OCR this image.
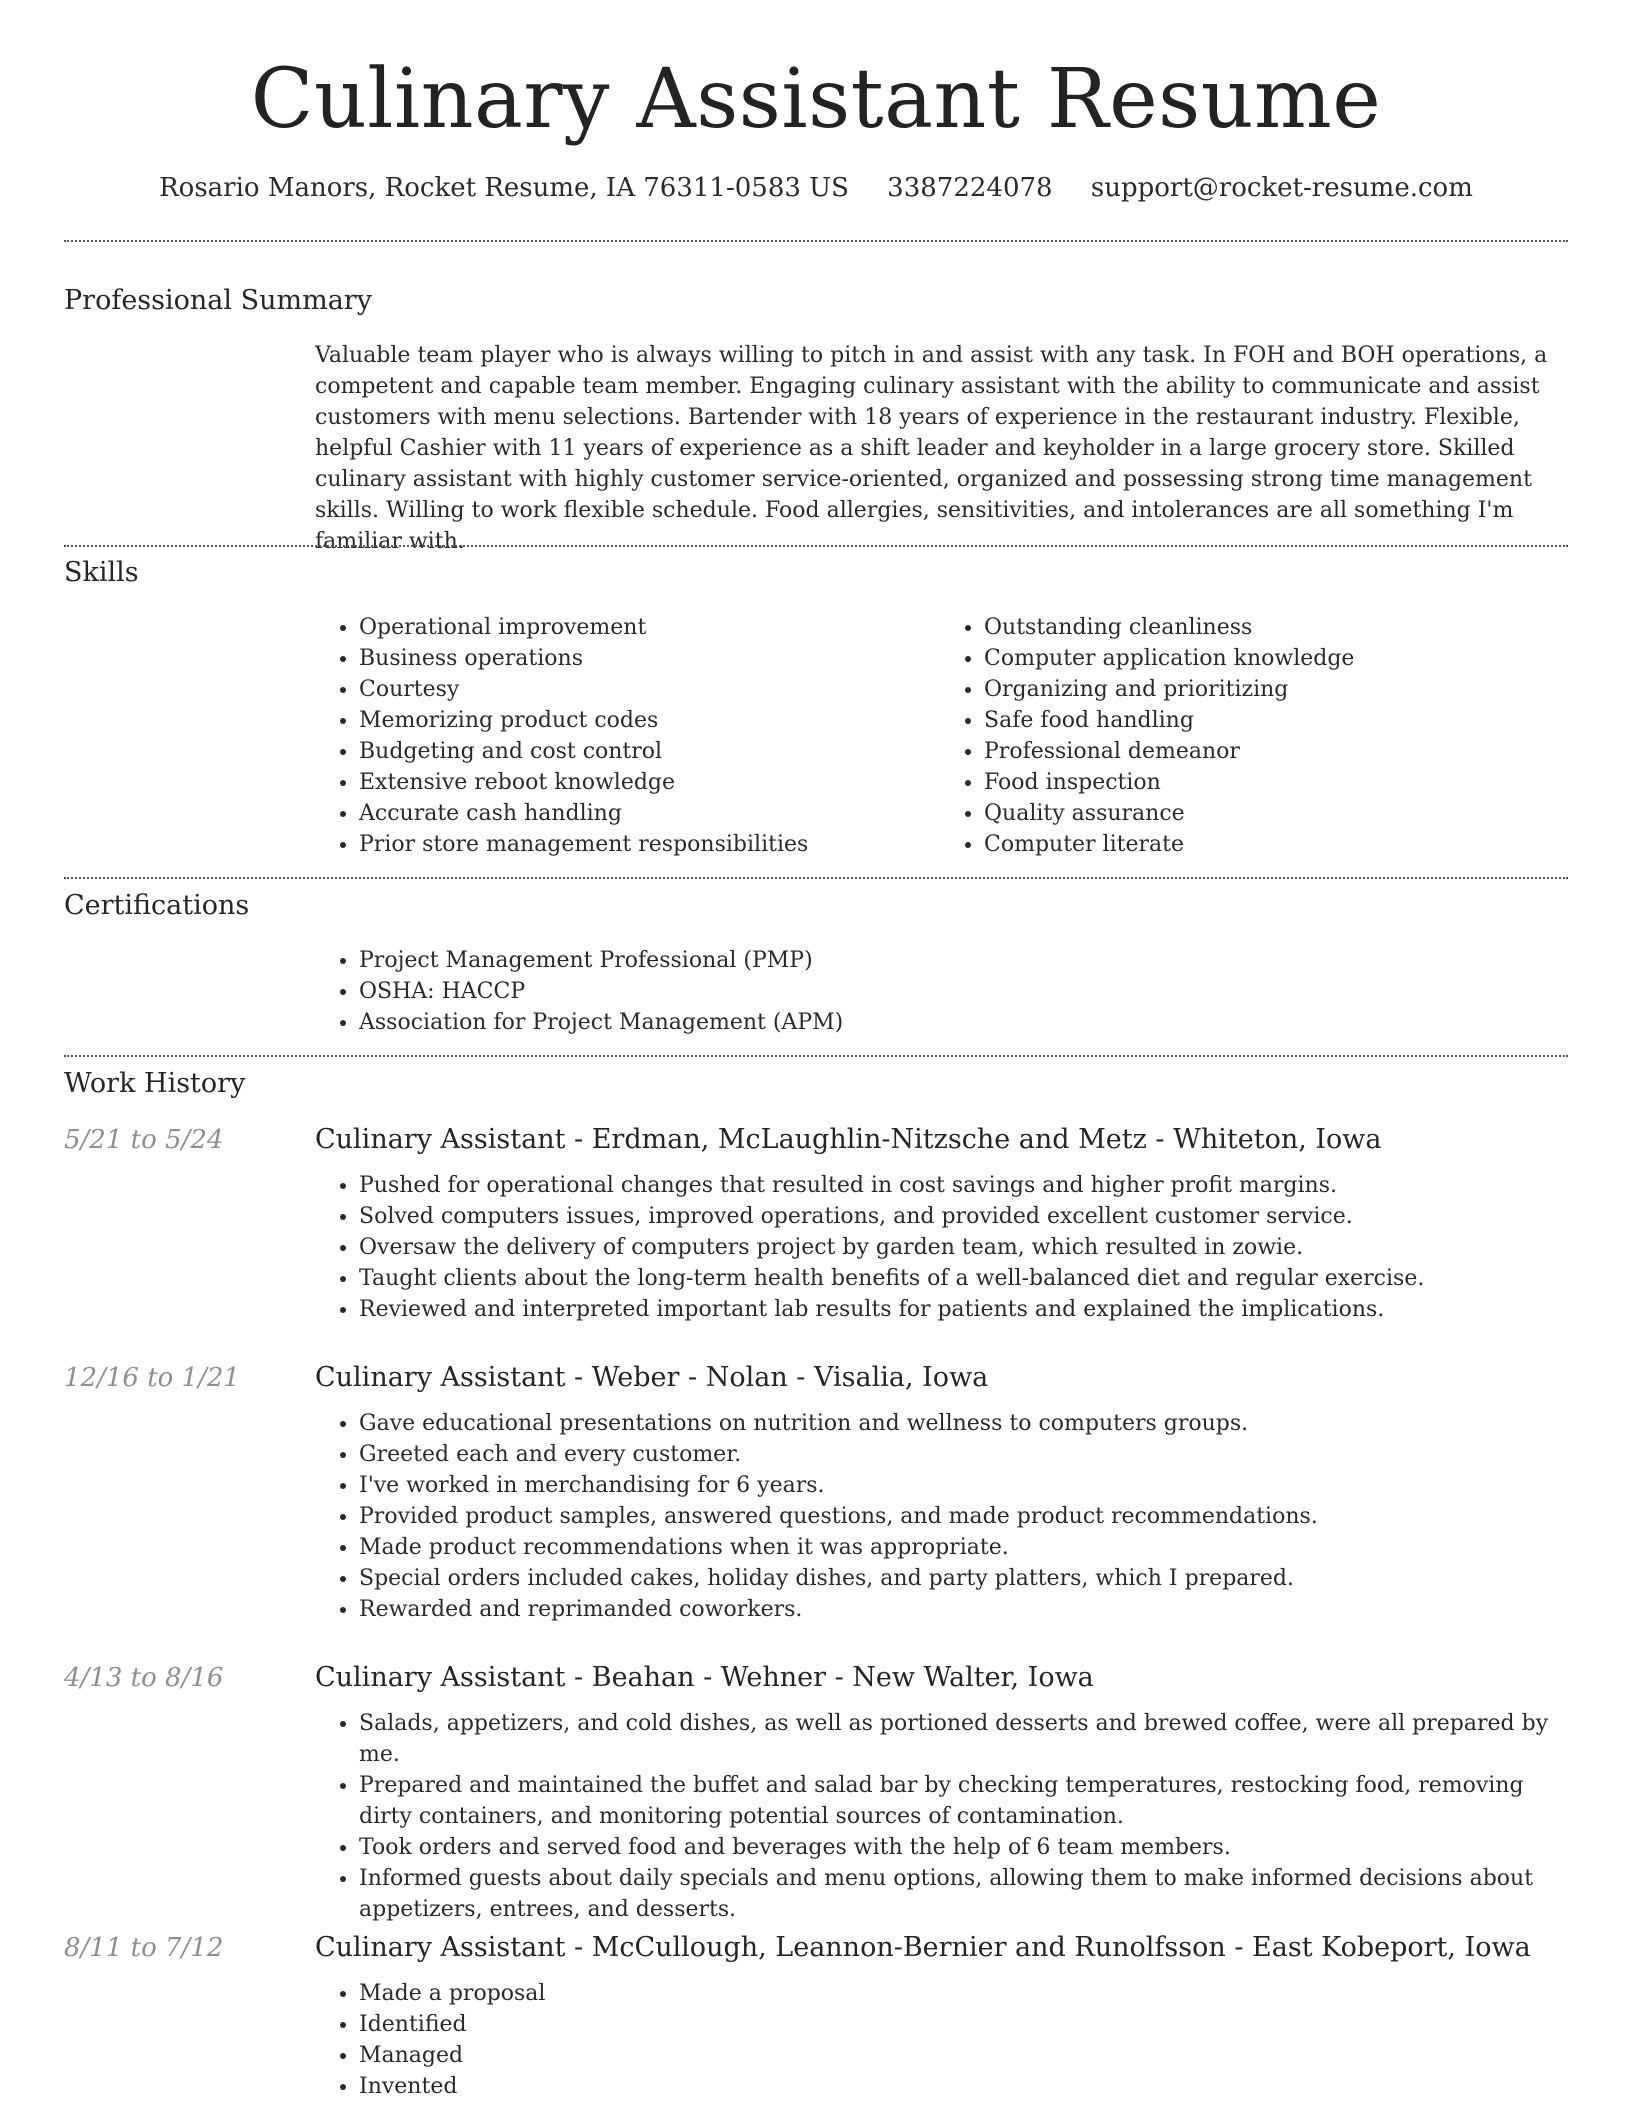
Culinary Assistant Resume
Rosario Manors, Rocket Resume, IA 76311-0583 US 3387224078 support@rocket-resume.com
Professional Summary

Valuable team player who is always willing to pitch in and assist with any task. In FOH and BOH operations, a competent and capable team member. Engaging culinary assistant with the ability to communicate and assist customers with menu selections. Bartender with 18 years of experience in the restaurant industry. Flexible, helpful Cashier with 11 years of experience as a shift leader and keyholder in a large grocery store. Skilled culinary assistant with highly customer service-oriented, organized and possessing strong time management skills. Willing to work flexible schedule. Food allergies, sensitivities, and intolerances are all something I'm familiar with.

Skills
• Operational improvement
• Business operations
• Courtesy
• Memorizing product codes
• Budgeting and cost control
• Extensive reboot knowledge
• Accurate cash handling
• Prior store management responsibilities
• Outstanding cleanliness
• Computer application knowledge
• Organizing and prioritizing
• Safe food handling
• Professional demeanor
• Food inspection
• Quality assurance
• Computer literate
Certifications
• Project Management Professional (PMP)
• OSHA: HACCP
• Association for Project Management (APM)
Work History
5/21 to 5/24	Culinary Assistant - Erdman, McLaughlin-Nitzsche and Metz - Whiteton, Iowa
• Pushed for operational changes that resulted in cost savings and higher profit margins.
• Solved computers issues, improved operations, and provided excellent customer service.
• Oversaw the delivery of computers project by garden team, which resulted in zowie.
• Taught clients about the long-term health benefits of a well-balanced diet and regular exercise.
• Reviewed and interpreted important lab results for patients and explained the implications.
12/16 to 1/21	Culinary Assistant - Weber - Nolan - Visalia, Iowa
• Gave educational presentations on nutrition and wellness to computers groups.
• Greeted each and every customer.
• I've worked in merchandising for 6 years.
• Provided product samples, answered questions, and made product recommendations.
• Made product recommendations when it was appropriate.
• Special orders included cakes, holiday dishes, and party platters, which I prepared.
• Rewarded and reprimanded coworkers.
4/13 to 8/16	Culinary Assistant - Beahan - Wehner - New Walter, Iowa
• Salads, appetizers, and cold dishes, as well as portioned desserts and brewed coffee, were all prepared by me.
• Prepared and maintained the buffet and salad bar by checking temperatures, restocking food, removing dirty containers, and monitoring potential sources of contamination.
• Took orders and served food and beverages with the help of 6 team members.
• Informed guests about daily specials and menu options, allowing them to make informed decisions about appetizers, entrees, and desserts.
8/11 to 7/12	Culinary Assistant - McCullough, Leannon-Bernier and Runolfsson - East Kobeport, Iowa
• Made a proposal
• Identified
• Managed
• Invented
